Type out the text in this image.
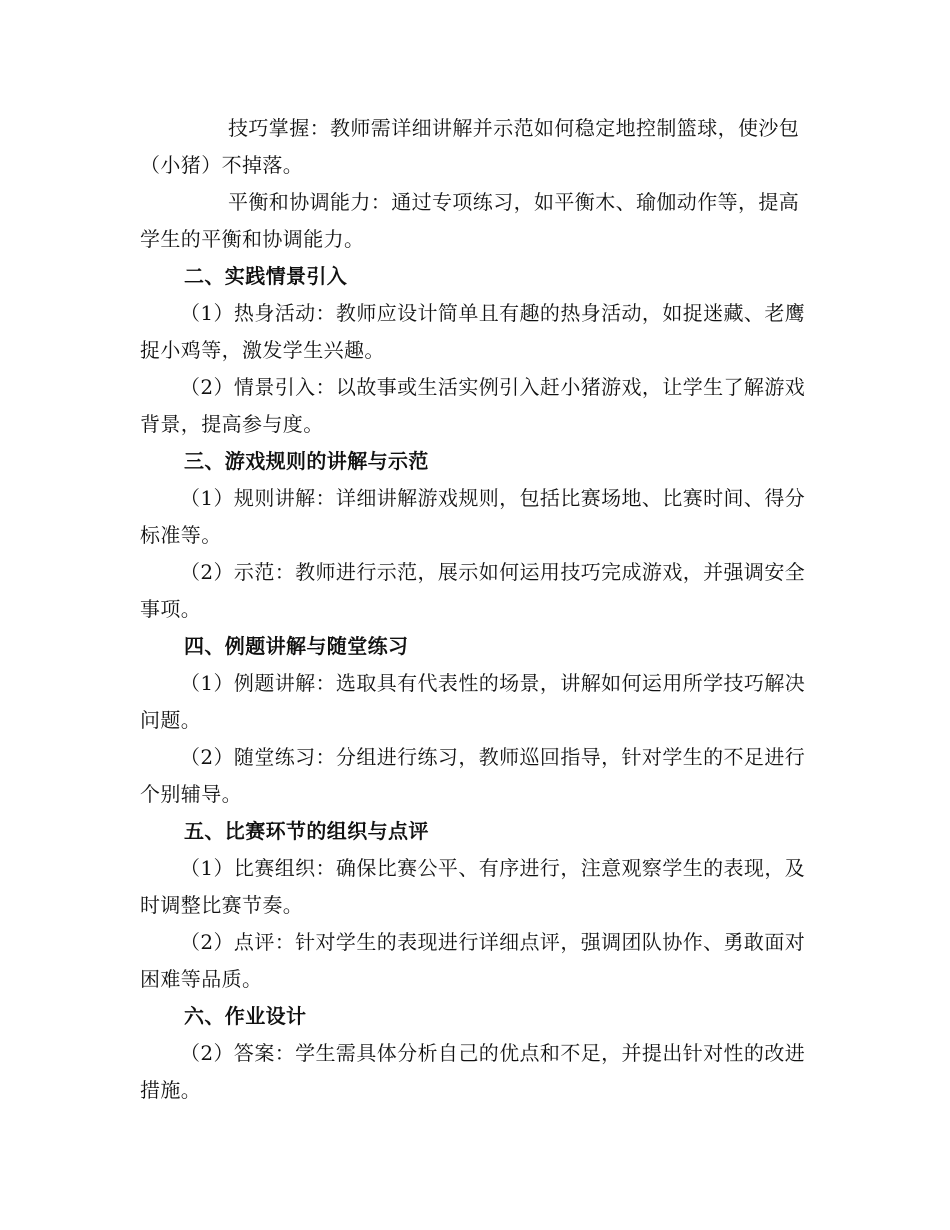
技巧掌握：教师需详细讲解并示范如何稳定地控制篮球，使沙包（小猪）不掉落。

平衡和协调能力：通过专项练习，如平衡木、瑜伽动作等，提高学生的平衡和协调能力。

二、实践情景引入

（1）热身活动：教师应设计简单且有趣的热身活动，如捉迷藏、老鹰捉小鸡等，激发学生兴趣。

（2）情景引入：以故事或生活实例引入赶小猪游戏，让学生了解游戏背景，提高参与度。

三、游戏规则的讲解与示范

（1）规则讲解：详细讲解游戏规则，包括比赛场地、比赛时间、得分标准等。

（2）示范：教师进行示范，展示如何运用技巧完成游戏，并强调安全事项。

四、例题讲解与随堂练习

（1）例题讲解：选取具有代表性的场景，讲解如何运用所学技巧解决问题。

（2）随堂练习：分组进行练习，教师巡回指导，针对学生的不足进行个别辅导。

五、比赛环节的组织与点评

（1）比赛组织：确保比赛公平、有序进行，注意观察学生的表现，及时调整比赛节奏。

（2）点评：针对学生的表现进行详细点评，强调团队协作、勇敢面对困难等品质。

六、作业设计

（2）答案：学生需具体分析自己的优点和不足，并提出针对性的改进措施。
